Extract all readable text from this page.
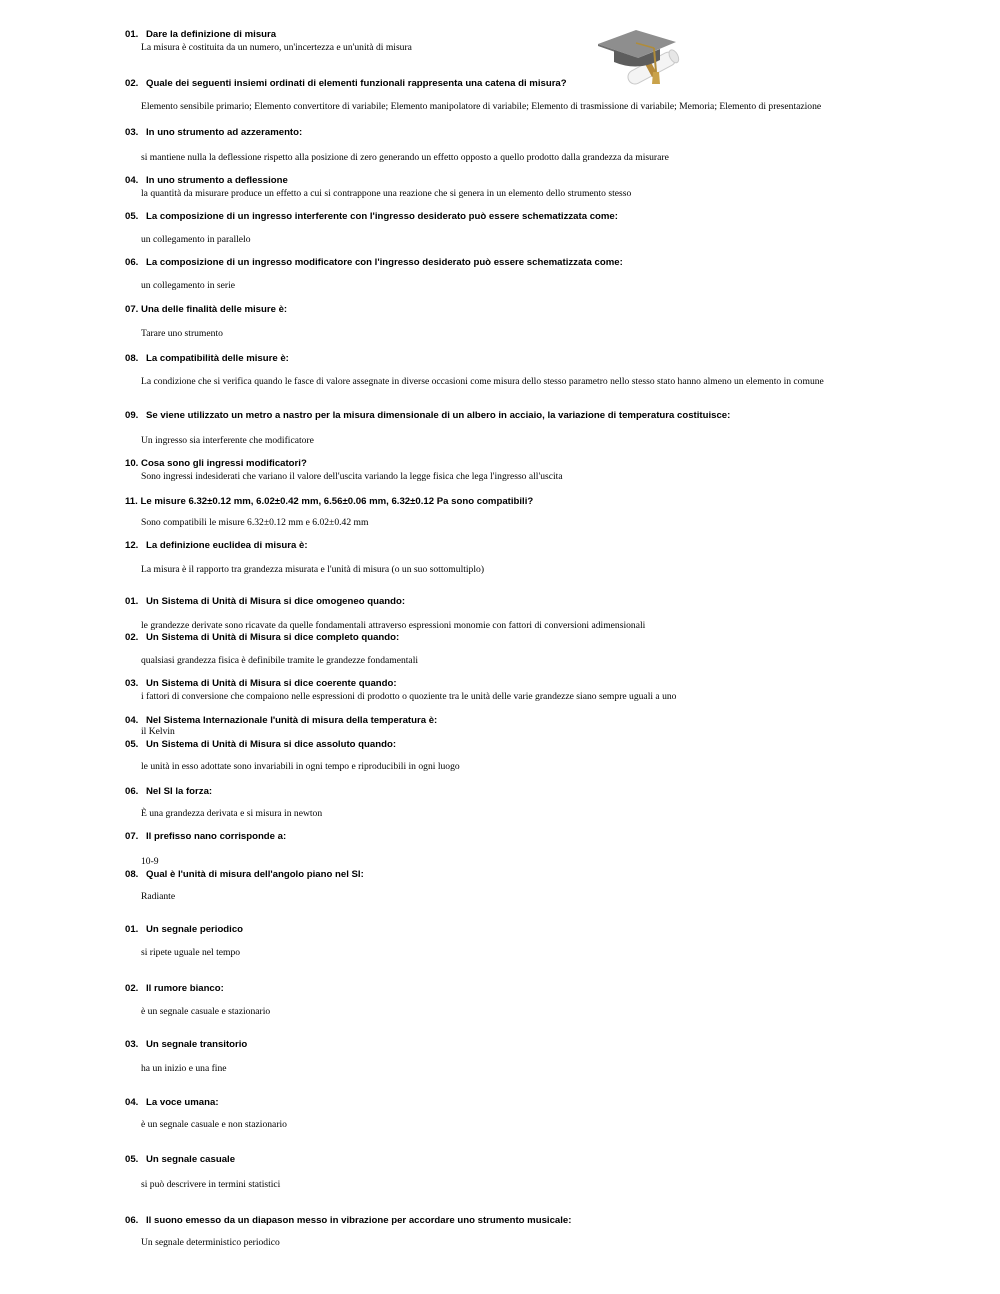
01. Dare la definizione di misura
La misura è costituita da un numero, un'incertezza e un'unità di misura
02. Quale dei seguenti insiemi ordinati di elementi funzionali rappresenta una catena di misura?
Elemento sensibile primario; Elemento convertitore di variabile; Elemento manipolatore di variabile; Elemento di trasmissione di variabile; Memoria; Elemento di presentazione
03. In uno strumento ad azzeramento:
si mantiene nulla la deflessione rispetto alla posizione di zero generando un effetto opposto a quello prodotto dalla grandezza da misurare
04. In uno strumento a deflessione
la quantità da misurare produce un effetto a cui si contrappone una reazione che si genera in un elemento dello strumento stesso
05. La composizione di un ingresso interferente con l'ingresso desiderato può essere schematizzata come:
un collegamento in parallelo
06. La composizione di un ingresso modificatore con l'ingresso desiderato può essere schematizzata come:
un collegamento in serie
07. Una delle finalità delle misure è:
Tarare uno strumento
08. La compatibilità delle misure è:
La condizione che si verifica quando le fasce di valore assegnate in diverse occasioni come misura dello stesso parametro nello stesso stato hanno almeno un elemento in comune
09. Se viene utilizzato un metro a nastro per la misura dimensionale di un albero in acciaio, la variazione di temperatura costituisce:
Un ingresso sia interferente che modificatore
10. Cosa sono gli ingressi modificatori?
Sono ingressi indesiderati che variano il valore dell'uscita variando la legge fisica che lega l'ingresso all'uscita
11. Le misure 6.32±0.12 mm, 6.02±0.42 mm, 6.56±0.06 mm, 6.32±0.12 Pa sono compatibili?
Sono compatibili le misure 6.32±0.12 mm e 6.02±0.42 mm
12. La definizione euclidea di misura è:
La misura è il rapporto tra grandezza misurata e l'unità di misura (o un suo sottomultiplo)
01. Un Sistema di Unità di Misura si dice omogeneo quando:
le grandezze derivate sono ricavate da quelle fondamentali attraverso espressioni monomie con fattori di conversioni adimensionali
02. Un Sistema di Unità di Misura si dice completo quando:
qualsiasi grandezza fisica è definibile tramite le grandezze fondamentali
03. Un Sistema di Unità di Misura si dice coerente quando:
i fattori di conversione che compaiono nelle espressioni di prodotto o quoziente tra le unità delle varie grandezze siano sempre uguali a uno
04. Nel Sistema Internazionale l'unità di misura della temperatura è:
il Kelvin
05. Un Sistema di Unità di Misura si dice assoluto quando:
le unità in esso adottate sono invariabili in ogni tempo e riproducibili in ogni luogo
06. Nel SI la forza:
È una grandezza derivata e si misura in newton
07. Il prefisso nano corrisponde a:
10-9
08. Qual è l'unità di misura dell'angolo piano nel SI:
Radiante
01. Un segnale periodico
si ripete uguale nel tempo
02. Il rumore bianco:
è un segnale casuale e stazionario
03. Un segnale transitorio
ha un inizio e una fine
04. La voce umana:
è un segnale casuale e non stazionario
05. Un segnale casuale
si può descrivere in termini statistici
06. Il suono emesso da un diapason messo in vibrazione per accordare uno strumento musicale:
Un segnale deterministico periodico
